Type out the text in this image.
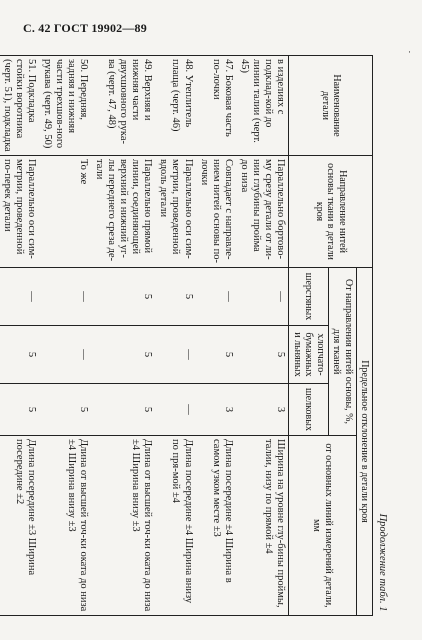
С. 42 ГОСТ 19902—89
·
Продолжение табл. 1					
Наименование детали	Направление нитей основы ткани в детали кроя	Предельное отклонение в детали кроя			
		От направления нитей основы, %, для тканей			от основных линий измерений детали, мм
		шерстяных	хлопчато-бумажных и льняных	шелковых	
в изделиях с подклад-кой до линии талии (черт. 45)	Параллельно бортово-му срезу детали от ли-нии глубины пройма до низа	—	5	3	Ширина на уровне глу-бины проймы, талии, низу по прямой ±4
47. Боковая часть по-лочки	Совпадает с направле-нием нитей основы по-лочки	—	5	3	Длина посередине ±4 Ширина в самом узком месте ±3
48. Утеплитель плаща (черт. 46)	Параллельно оси сим-метрии, проведенной вдоль детали	5	—	—	Длина посередине ±4 Ширина внизу по пря-мой ±4
49. Верхняя и нижняя части двухшовного рука-ва (черт. 47, 48)	Параллельно прямой линии, соединяющей верхний и нижний уг-лы переднего среза де-тали	5	5	5	Длина от высшей точ-ки оката до низа ±4 Ширина внизу ±3
50. Передняя, задняя и нижняя части трехшов-ного рукава (черт. 49, 50)	То же	—	—	5	Длина от высшей точ-ки оката до низа ±4 Ширина внизу ±3
51. Подкладка стойки воротника (черт. 51), подкладка	Параллельно оси сим-метрии, проведенной по-перек детали	—	5	5	Длина посередине ±3 Ширина посередине ±2
